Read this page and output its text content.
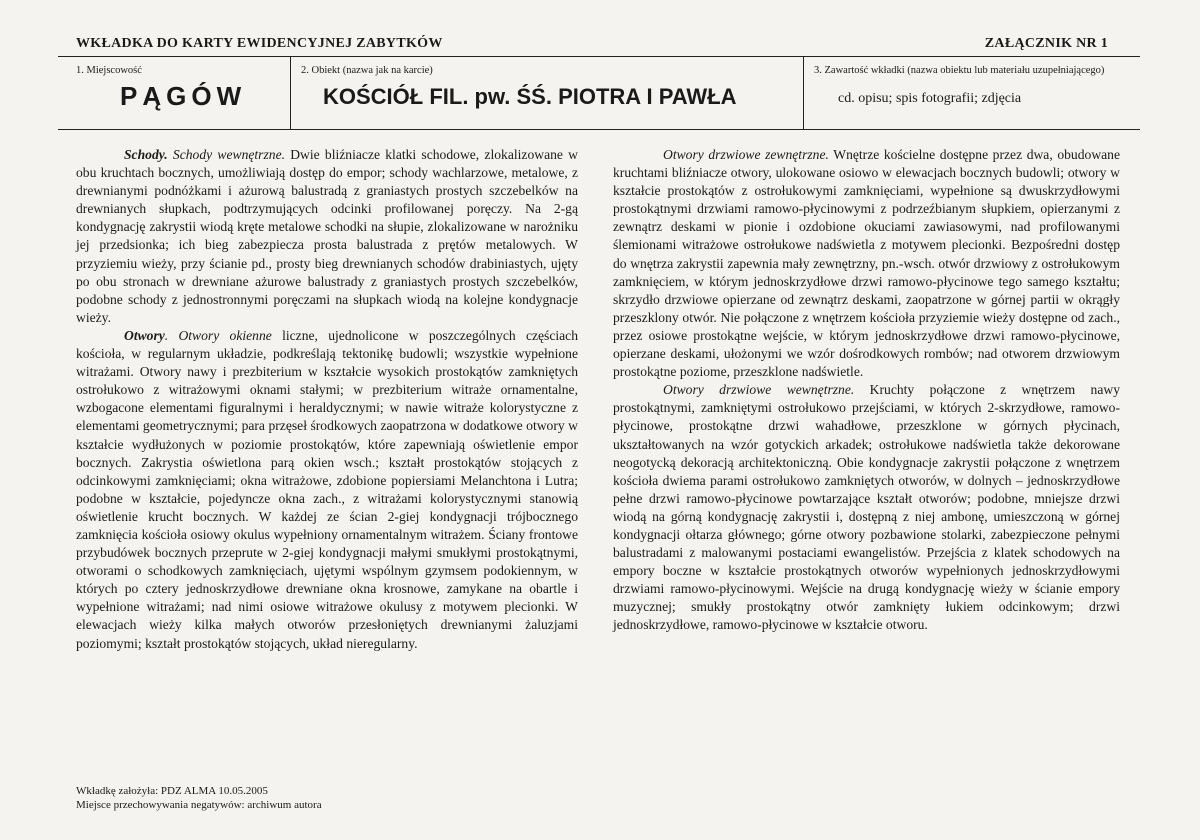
WKŁADKA DO KARTY EWIDENCYJNEJ ZABYTKÓW	ZAŁĄCZNIK NR 1
1. Miejscowość
PĄGÓW
2. Obiekt (nazwa jak na karcie)
KOŚCIÓŁ FIL. pw. ŚŚ. PIOTRA I PAWŁA
3. Zawartość wkładki (nazwa obiektu lub materiału uzupełniającego)
cd. opisu; spis fotografii; zdjęcia

Schody. Schody wewnętrzne. Dwie bliźniacze klatki schodowe, zlokalizowane w obu kruchtach bocznych, umożliwiają dostęp do empor; schody wachlarzowe, metalowe, z drewnianymi podnóżkami i ażurową balustradą z graniastych prostych szczebelków na drewnianych słupkach, podtrzymujących odcinki profilowanej poręczy. Na 2-gą kondygnację zakrystii wiodą kręte metalowe schodki na słupie, zlokalizowane w narożniku jej przedsionka; ich bieg zabezpiecza prosta balustrada z prętów metalowych. W przyziemiu wieży, przy ścianie pd., prosty bieg drewnianych schodów drabiniastych, ujęty po obu stronach w drewniane ażurowe balustrady z graniastych prostych szczebelków, podobne schody z jednostronnymi poręczami na słupkach wiodą na kolejne kondygnacje wieży.

Otwory. Otwory okienne liczne, ujednolicone w poszczególnych częściach kościoła, w regularnym układzie, podkreślają tektonikę budowli; wszystkie wypełnione witrażami. Otwory nawy i prezbiterium w kształcie wysokich prostokątów zamkniętych ostrołukowo z witrażowymi oknami stałymi; w prezbiterium witraże ornamentalne, wzbogacone elementami figuralnymi i heraldycznymi; w nawie witraże kolorystyczne z elementami geometrycznymi; para przęseł środkowych zaopatrzona w dodatkowe otwory w kształcie wydłużonych w poziomie prostokątów, które zapewniają oświetlenie empor bocznych. Zakrystia oświetlona parą okien wsch.; kształt prostokątów stojących z odcinkowymi zamknięciami; okna witrażowe, zdobione popiersiami Melanchtona i Lutra; podobne w kształcie, pojedyncze okna zach., z witrażami kolorystycznymi stanowią oświetlenie krucht bocznych. W każdej ze ścian 2-giej kondygnacji trójbocznego zamknięcia kościoła osiowy okulus wypełniony ornamentalnym witrażem. Ściany frontowe przybudówek bocznych przeprute w 2-giej kondygnacji małymi smukłymi prostokątnymi, otworami o schodkowych zamknięciach, ujętymi wspólnym gzymsem podokiennym, w których po cztery jednoskrzydłowe drewniane okna krosnowe, zamykane na obartle i wypełnione witrażami; nad nimi osiowe witrażowe okulusy z motywem plecionki. W elewacjach wieży kilka małych otworów przesłoniętych drewnianymi żaluzjami poziomymi; kształt prostokątów stojących, układ nieregularny.

Otwory drzwiowe zewnętrzne. Wnętrze kościelne dostępne przez dwa, obudowane kruchtami bliźniacze otwory, ulokowane osiowo w elewacjach bocznych budowli; otwory w kształcie prostokątów z ostrołukowymi zamknięciami, wypełnione są dwuskrzydłowymi prostokątnymi drzwiami ramowo-płycinowymi z podrzeźbianym słupkiem, opierzanymi z zewnątrz deskami w pionie i ozdobione okuciami zawiasowymi, nad profilowanymi ślemionami witrażowe ostrołukowe nadświetla z motywem plecionki. Bezpośredni dostęp do wnętrza zakrystii zapewnia mały zewnętrzny, pn.-wsch. otwór drzwiowy z ostrołukowym zamknięciem, w którym jednoskrzydłowe drzwi ramowo-płycinowe tego samego kształtu; skrzydło drzwiowe opierzane od zewnątrz deskami, zaopatrzone w górnej partii w okrągły przeszklony otwór. Nie połączone z wnętrzem kościoła przyziemie wieży dostępne od zach., przez osiowe prostokątne wejście, w którym jednoskrzydłowe drzwi ramowo-płycinowe, opierzane deskami, ułożonymi we wzór dośrodkowych rombów; nad otworem drzwiowym prostokątne poziome, przeszklone nadświetle.

Otwory drzwiowe wewnętrzne. Kruchty połączone z wnętrzem nawy prostokątnymi, zamkniętymi ostrołukowo przejściami, w których 2-skrzydłowe, ramowo-płycinowe, prostokątne drzwi wahadłowe, przeszklone w górnych płycinach, ukształtowanych na wzór gotyckich arkadek; ostrołukowe nadświetla także dekorowane neogotycką dekoracją architektoniczną. Obie kondygnacje zakrystii połączone z wnętrzem kościoła dwiema parami ostrołukowo zamkniętych otworów, w dolnych – jednoskrzydłowe pełne drzwi ramowo-płycinowe powtarzające kształt otworów; podobne, mniejsze drzwi wiodą na górną kondygnację zakrystii i, dostępną z niej ambonę, umieszczoną w górnej kondygnacji ołtarza głównego; górne otwory pozbawione stolarki, zabezpieczone pełnymi balustradami z malowanymi postaciami ewangelistów. Przejścia z klatek schodowych na empory boczne w kształcie prostokątnych otworów wypełnionych jednoskrzydłowymi drzwiami ramowo-płycinowymi. Wejście na drugą kondygnację wieży w ścianie empory muzycznej; smukły prostokątny otwór zamknięty łukiem odcinkowym; drzwi jednoskrzydłowe, ramowo-płycinowe w kształcie otworu.

Wkładkę założyła: PDZ ALMA 10.05.2005
Miejsce przechowywania negatywów: archiwum autora
